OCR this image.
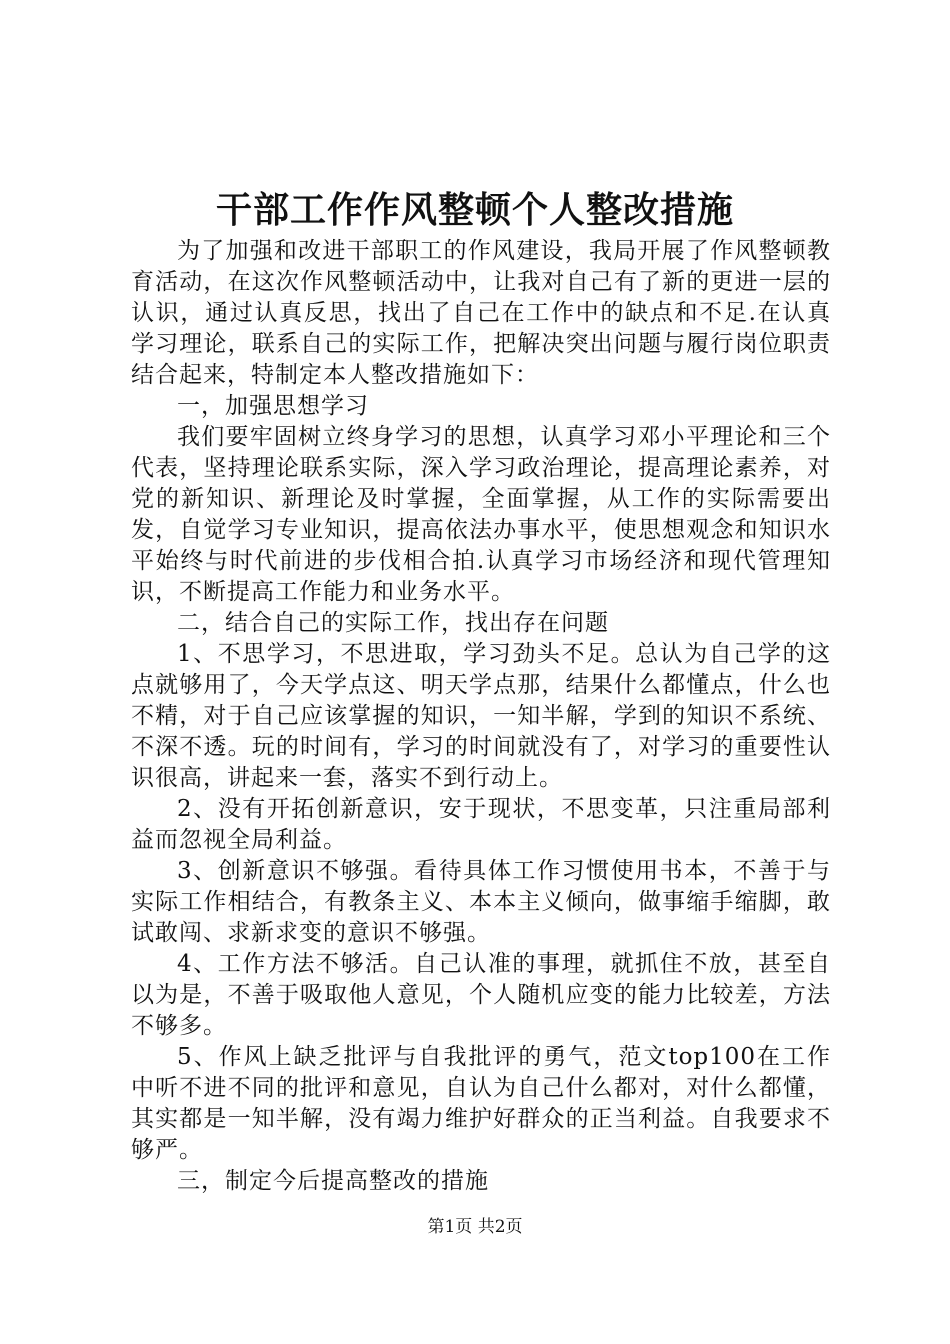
干部工作作风整顿个人整改措施

为了加强和改进干部职工的作风建设，我局开展了作风整顿教育活动，在这次作风整顿活动中，让我对自己有了新的更进一层的认识，通过认真反思，找出了自己在工作中的缺点和不足.在认真学习理论，联系自己的实际工作，把解决突出问题与履行岗位职责结合起来，特制定本人整改措施如下：

一，加强思想学习

我们要牢固树立终身学习的思想，认真学习邓小平理论和三个代表，坚持理论联系实际，深入学习政治理论，提高理论素养，对党的新知识、新理论及时掌握，全面掌握，从工作的实际需要出发，自觉学习专业知识，提高依法办事水平，使思想观念和知识水平始终与时代前进的步伐相合拍.认真学习市场经济和现代管理知识，不断提高工作能力和业务水平。

二，结合自己的实际工作，找出存在问题

1、不思学习，不思进取，学习劲头不足。总认为自己学的这点就够用了，今天学点这、明天学点那，结果什么都懂点，什么也不精，对于自己应该掌握的知识，一知半解，学到的知识不系统、不深不透。玩的时间有，学习的时间就没有了，对学习的重要性认识很高，讲起来一套，落实不到行动上。

2、没有开拓创新意识，安于现状，不思变革，只注重局部利益而忽视全局利益。

3、创新意识不够强。看待具体工作习惯使用书本，不善于与实际工作相结合，有教条主义、本本主义倾向，做事缩手缩脚，敢试敢闯、求新求变的意识不够强。

4、工作方法不够活。自己认准的事理，就抓住不放，甚至自以为是，不善于吸取他人意见，个人随机应变的能力比较差，方法不够多。

5、作风上缺乏批评与自我批评的勇气，范文top100在工作中听不进不同的批评和意见，自认为自己什么都对，对什么都懂，其实都是一知半解，没有竭力维护好群众的正当利益。自我要求不够严。

三，制定今后提高整改的措施

第1页 共2页
